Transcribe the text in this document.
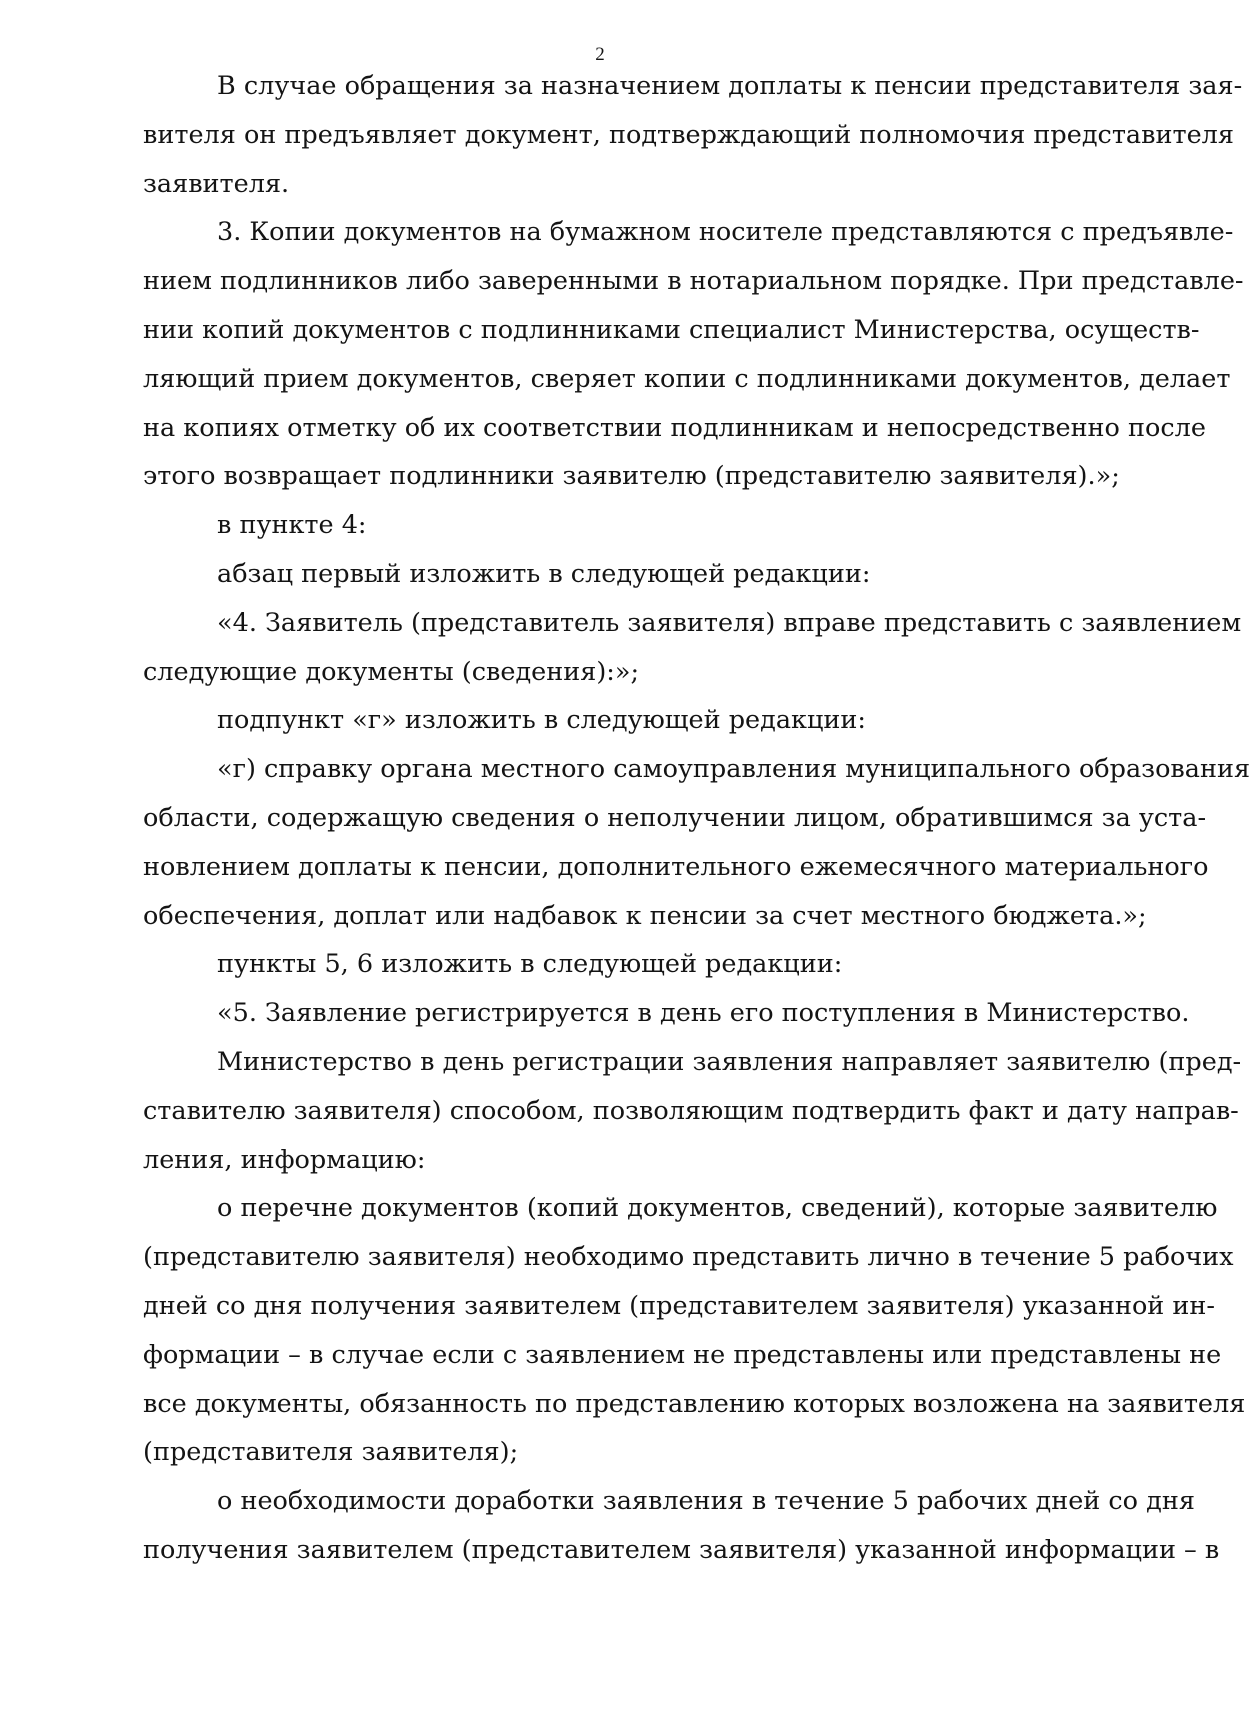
2
В случае обращения за назначением доплаты к пенсии представителя зая-
вителя он предъявляет документ, подтверждающий полномочия представителя
заявителя.
3. Копии документов на бумажном носителе представляются с предъявле-
нием подлинников либо заверенными в нотариальном порядке. При представле-
нии копий документов с подлинниками специалист Министерства, осуществ-
ляющий прием документов, сверяет копии с подлинниками документов, делает
на копиях отметку об их соответствии подлинникам и непосредственно после
этого возвращает подлинники заявителю (представителю заявителя).»;
в пункте 4:
абзац первый изложить в следующей редакции:
«4. Заявитель (представитель заявителя) вправе представить с заявлением
следующие документы (сведения):»;
подпункт «г» изложить в следующей редакции:
«г) справку органа местного самоуправления муниципального образования
области, содержащую сведения о неполучении лицом, обратившимся за уста-
новлением доплаты к пенсии, дополнительного ежемесячного материального
обеспечения, доплат или надбавок к пенсии за счет местного бюджета.»;
пункты 5, 6 изложить в следующей редакции:
«5. Заявление регистрируется в день его поступления в Министерство.
Министерство в день регистрации заявления направляет заявителю (пред-
ставителю заявителя) способом, позволяющим подтвердить факт и дату направ-
ления, информацию:
о перечне документов (копий документов, сведений), которые заявителю
(представителю заявителя) необходимо представить лично в течение 5 рабочих
дней со дня получения заявителем (представителем заявителя) указанной ин-
формации – в случае если с заявлением не представлены или представлены не
все документы, обязанность по представлению которых возложена на заявителя
(представителя заявителя);
о необходимости доработки заявления в течение 5 рабочих дней со дня
получения заявителем (представителем заявителя) указанной информации – в
